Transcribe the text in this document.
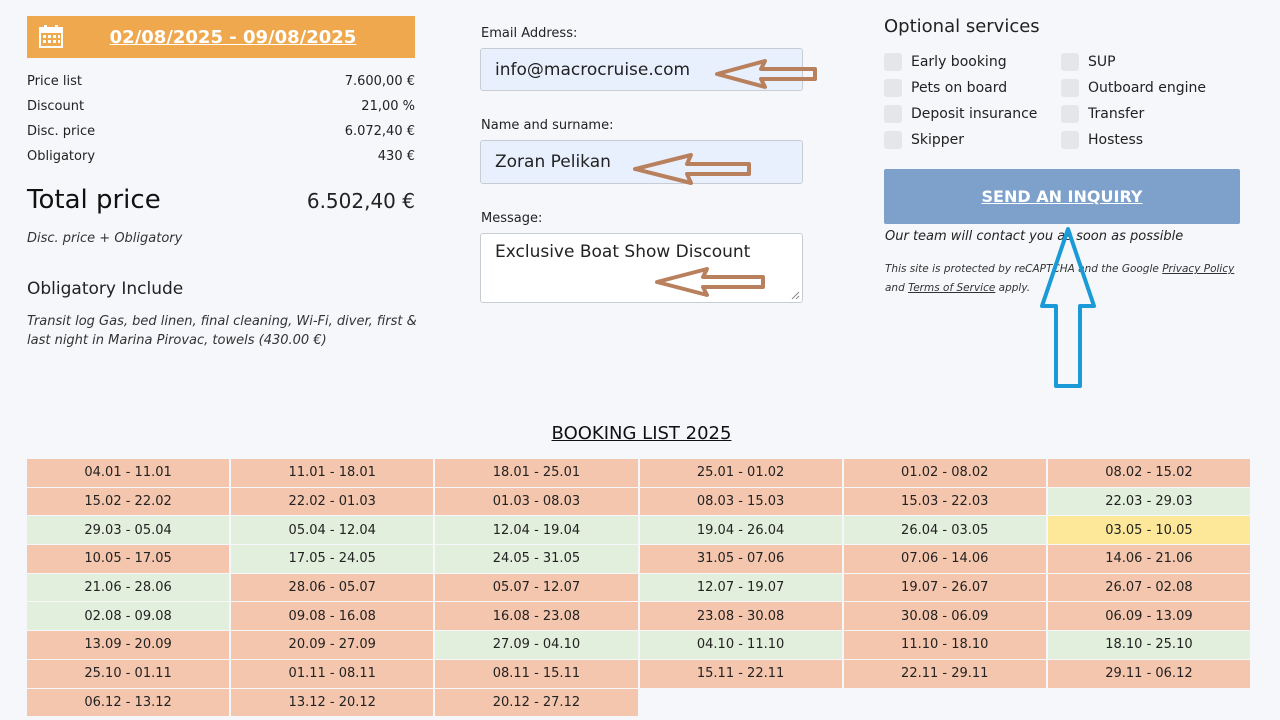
02/08/2025 - 09/08/2025
Price list	7.600,00 €
Discount	21,00 %
Disc. price	6.072,40 €
Obligatory	430 €
Total price	6.502,40 €
Disc. price + Obligatory
Obligatory Include
Transit log Gas, bed linen, final cleaning, Wi-Fi, diver, first & last night in Marina Pirovac, towels (430.00 €)
Email Address:
info@macrocruise.com
Name and surname:
Zoran Pelikan
Message:
Exclusive Boat Show Discount
Optional services
Early booking
Pets on board
Deposit insurance
Skipper
SUP
Outboard engine
Transfer
Hostess
SEND AN INQUIRY
Our team will contact you as soon as possible
This site is protected by reCAPTCHA and the Google Privacy Policy and Terms of Service apply.
BOOKING LIST 2025
04.01 - 11.01	11.01 - 18.01	18.01 - 25.01	25.01 - 01.02	01.02 - 08.02	08.02 - 15.02
15.02 - 22.02	22.02 - 01.03	01.03 - 08.03	08.03 - 15.03	15.03 - 22.03	22.03 - 29.03
29.03 - 05.04	05.04 - 12.04	12.04 - 19.04	19.04 - 26.04	26.04 - 03.05	03.05 - 10.05
10.05 - 17.05	17.05 - 24.05	24.05 - 31.05	31.05 - 07.06	07.06 - 14.06	14.06 - 21.06
21.06 - 28.06	28.06 - 05.07	05.07 - 12.07	12.07 - 19.07	19.07 - 26.07	26.07 - 02.08
02.08 - 09.08	09.08 - 16.08	16.08 - 23.08	23.08 - 30.08	30.08 - 06.09	06.09 - 13.09
13.09 - 20.09	20.09 - 27.09	27.09 - 04.10	04.10 - 11.10	11.10 - 18.10	18.10 - 25.10
25.10 - 01.11	01.11 - 08.11	08.11 - 15.11	15.11 - 22.11	22.11 - 29.11	29.11 - 06.12
06.12 - 13.12	13.12 - 20.12	20.12 - 27.12
